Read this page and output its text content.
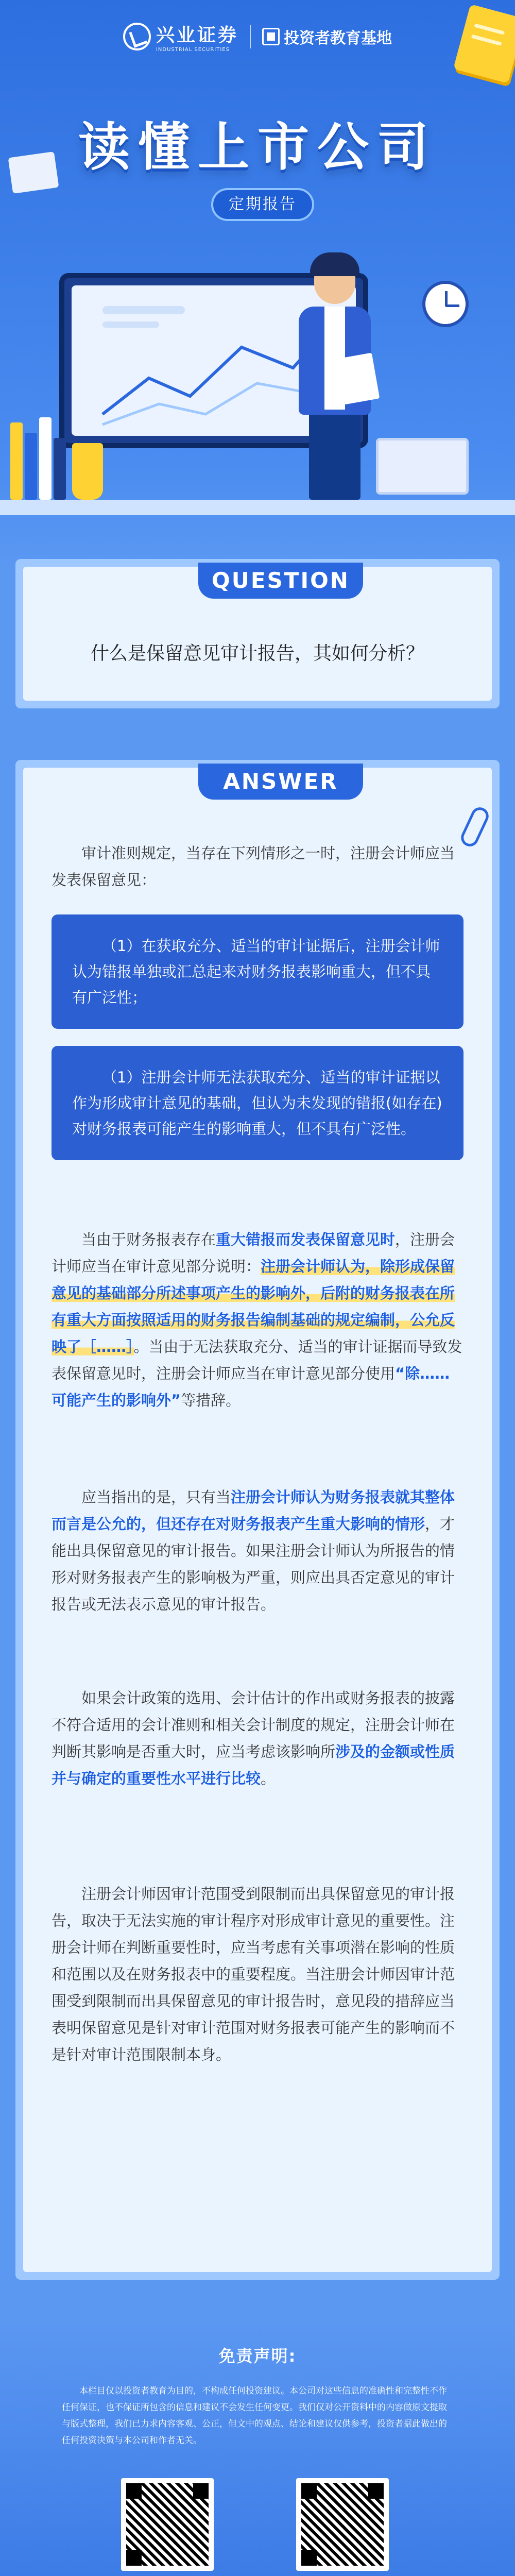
兴业证券
INDUSTRIAL SECURITIES
投资者教育基地
读懂上市公司
定期报告
QUESTION
什么是保留意见审计报告，其如何分析？
ANSWER
审计准则规定，当存在下列情形之一时，注册会计师应当发表保留意见：
（1）在获取充分、适当的审计证据后，注册会计师认为错报单独或汇总起来对财务报表影响重大，但不具有广泛性；
（1）注册会计师无法获取充分、适当的审计证据以作为形成审计意见的基础，但认为未发现的错报(如存在)对财务报表可能产生的影响重大，但不具有广泛性。
当由于财务报表存在重大错报而发表保留意见时，注册会计师应当在审计意见部分说明：注册会计师认为，除形成保留意见的基础部分所述事项产生的影响外，后附的财务报表在所有重大方面按照适用的财务报告编制基础的规定编制，公允反映了［……］。当由于无法获取充分、适当的审计证据而导致发表保留意见时，注册会计师应当在审计意见部分使用“除……可能产生的影响外”等措辞。
应当指出的是，只有当注册会计师认为财务报表就其整体而言是公允的，但还存在对财务报表产生重大影响的情形，才能出具保留意见的审计报告。如果注册会计师认为所报告的情形对财务报表产生的影响极为严重，则应出具否定意见的审计报告或无法表示意见的审计报告。
如果会计政策的选用、会计估计的作出或财务报表的披露不符合适用的会计准则和相关会计制度的规定，注册会计师在判断其影响是否重大时，应当考虑该影响所涉及的金额或性质并与确定的重要性水平进行比较。
注册会计师因审计范围受到限制而出具保留意见的审计报告，取决于无法实施的审计程序对形成审计意见的重要性。注册会计师在判断重要性时，应当考虑有关事项潜在影响的性质和范围以及在财务报表中的重要程度。当注册会计师因审计范围受到限制而出具保留意见的审计报告时，意见段的措辞应当表明保留意见是针对审计范围对财务报表可能产生的影响而不是针对审计范围限制本身。
免责声明:
本栏目仅以投资者教育为目的，不构成任何投资建议。本公司对这些信息的准确性和完整性不作任何保证，也不保证所包含的信息和建议不会发生任何变更。我们仅对公开资料中的内容做原文提取与版式整理，我们已力求内容客观、公正，但文中的观点、结论和建议仅供参考，投资者据此做出的任何投资决策与本公司和作者无关。
